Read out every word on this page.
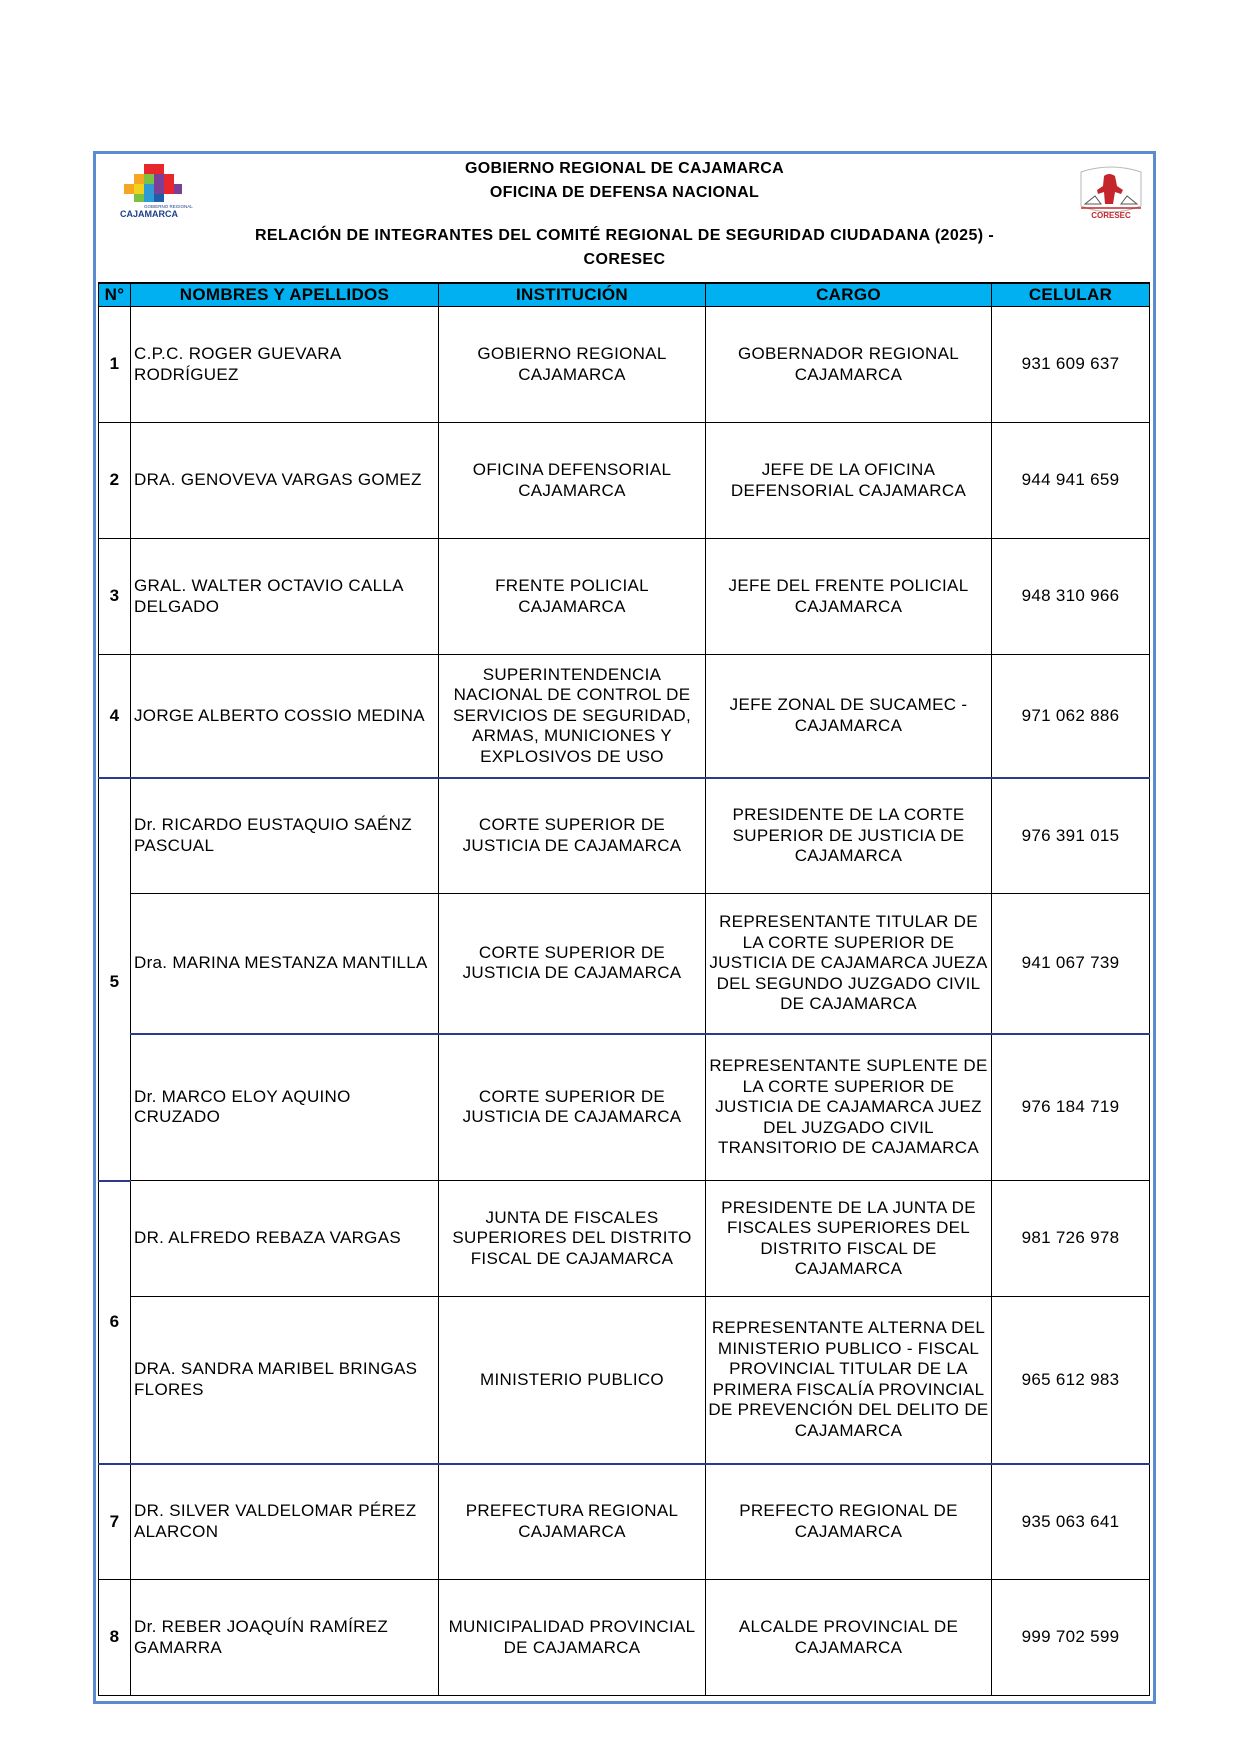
GOBIERNO REGIONAL
CAJAMARCA
GOBIERNO REGIONAL DE CAJAMARCA
OFICINA DE DEFENSA NACIONAL
RELACIÓN DE INTEGRANTES DEL COMITÉ REGIONAL DE SEGURIDAD CIUDADANA (2025) -
CORESEC
CORESEC
N°	NOMBRES Y APELLIDOS	INSTITUCIÓN	CARGO	CELULAR
1	C.P.C. ROGER GUEVARA RODRÍGUEZ	GOBIERNO REGIONAL CAJAMARCA	GOBERNADOR REGIONAL CAJAMARCA	931 609 637
2	DRA. GENOVEVA VARGAS GOMEZ	OFICINA DEFENSORIAL CAJAMARCA	JEFE DE LA OFICINA DEFENSORIAL CAJAMARCA	944 941 659
3	GRAL. WALTER OCTAVIO CALLA DELGADO	FRENTE POLICIAL CAJAMARCA	JEFE DEL FRENTE POLICIAL CAJAMARCA	948 310 966
4	JORGE ALBERTO COSSIO MEDINA	SUPERINTENDENCIA NACIONAL DE CONTROL DE SERVICIOS DE SEGURIDAD, ARMAS, MUNICIONES Y EXPLOSIVOS DE USO	JEFE ZONAL DE SUCAMEC - CAJAMARCA	971 062 886
5	Dr. RICARDO EUSTAQUIO SAÉNZ PASCUAL	CORTE SUPERIOR DE JUSTICIA DE CAJAMARCA	PRESIDENTE DE LA CORTE SUPERIOR DE JUSTICIA DE CAJAMARCA	976 391 015
	Dra. MARINA MESTANZA MANTILLA	CORTE SUPERIOR DE JUSTICIA DE CAJAMARCA	REPRESENTANTE TITULAR DE LA CORTE SUPERIOR DE JUSTICIA DE CAJAMARCA JUEZA DEL SEGUNDO JUZGADO CIVIL DE CAJAMARCA	941 067 739
	Dr. MARCO ELOY AQUINO CRUZADO	CORTE SUPERIOR DE JUSTICIA DE CAJAMARCA	REPRESENTANTE SUPLENTE DE LA CORTE SUPERIOR DE JUSTICIA DE CAJAMARCA JUEZ DEL JUZGADO CIVIL TRANSITORIO DE CAJAMARCA	976 184 719
6	DR. ALFREDO REBAZA VARGAS	JUNTA DE FISCALES SUPERIORES DEL DISTRITO FISCAL DE CAJAMARCA	PRESIDENTE DE LA JUNTA DE FISCALES SUPERIORES DEL DISTRITO FISCAL DE CAJAMARCA	981 726 978
	DRA. SANDRA MARIBEL BRINGAS FLORES	MINISTERIO PUBLICO	REPRESENTANTE ALTERNA DEL MINISTERIO PUBLICO - FISCAL PROVINCIAL TITULAR DE LA PRIMERA FISCALÍA PROVINCIAL DE PREVENCIÓN DEL DELITO DE CAJAMARCA	965 612 983
7	DR. SILVER VALDELOMAR PÉREZ ALARCON	PREFECTURA REGIONAL CAJAMARCA	PREFECTO REGIONAL DE CAJAMARCA	935 063 641
8	Dr. REBER JOAQUÍN RAMÍREZ GAMARRA	MUNICIPALIDAD PROVINCIAL DE CAJAMARCA	ALCALDE PROVINCIAL DE CAJAMARCA	999 702 599
